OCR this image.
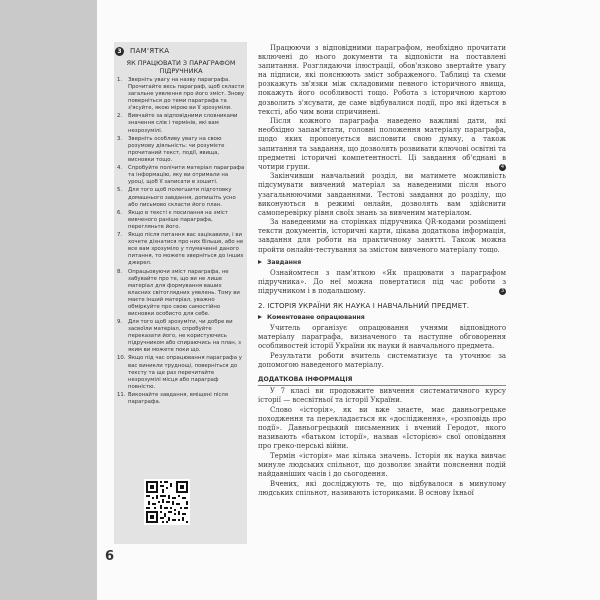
3	ПАМ'ЯТКА
ЯК ПРАЦЮВАТИ З ПАРАГРАФОМ ПІДРУЧНИКА
1.	Зверніть увагу на назву параграфа. Прочитайте весь параграф, щоб скласти загальне уявлення про його зміст. Знову поверніться до теми параграфа та з'ясуйте, якою мірою ви її зрозуміли.
2.	Вивчайте за відповідними словниками значення слів і термінів, які вам незрозумілі.
3.	Зверніть особливу увагу на свою розумову діяльність: чи розумієте прочитаний текст, події, явища, висновки тощо.
4.	Спробуйте полічити матеріал параграфа та інформацію, яку ви отримали на уроці, щоб її записати в зошиті.
5.	Для того щоб полегшити підготовку домашнього завдання, допишіть усно або письмово скласти його план.
6.	Якщо в тексті є посилання на зміст вивченого раніше параграфа, перегляньте його.
7.	Якщо після питання вас зацікавили, і ви хочете дізнатися про них більше, або не все вам зрозуміло у тлумаченні даного питання, то можете зверніться до інших джерел.
8.	Опрацьовуючи зміст параграфа, не забувайте про те, що ви не лише матеріал для формування ваших власних світоглядних уявлень. Тому ви маєте інший матеріал, уважно обміркуйте про свою самостійно висновки особисто для себе.
9.	Для того щоб зрозуміти, чи добре ви засвоїли матеріал, спробуйте переказати його, не користуючись підручником або спираючись на план, з яким ви можете поки що.
10. Якщо під час опрацювання параграфа у вас виникли труднощі, поверніться до тексту та ще раз перечитайте незрозумілі місця або параграф повністю.
11. Виконайте завдання, вміщені після параграфа.
6

Працюючи з відповідними параграфом, необхідно прочитати включені до нього документи та відповісти на поставлені запитання. Розглядаючи ілюстрації, обов'язково звертайте увагу на підписи, які пояснюють зміст зображеного. Таблиці та схеми розкажуть зв'язки між складовими певного історичного явища, покажуть його особливості тощо. Робота з історичною картою дозволить з'ясувати, де саме відбувалися події, про які йдеться в тексті, або чим вони спричинені.

Після кожного параграфа наведено важливі дати, які необхідно запам'ятати, головні положення матеріалу параграфа, щодо яких пропонується висловити свою думку, а також запитання та завдання, що дозволять розвивати ключові освітні та предметні історичні компетентності. Ці завдання об'єднані в чотири групи.	4

Закінчивши навчальний розділ, ви матимете можливість підсумувати вивчений матеріал за наведеними після нього узагальнюючими завданнями. Тестові завдання до розділу, що виконуються в режимі онлайн, дозволять вам здійснити самоперевірку рівня своїх знань за вивченим матеріалом.

За наведеними на сторінках підручника QR-кодами розміщені тексти документів, історичні карти, цікава додаткова інформація, завдання для роботи на практичному занятті. Також можна пройти онлайн-тестування за змістом вивченого матеріалу тощо.

Завдання

Ознайомтеся з пам'яткою «Як працювати з параграфом підручника». До неї можна повертатися під час роботи з підручником і в подальшому.	3

2. ІСТОРІЯ УКРАЇНИ ЯК НАУКА І НАВЧАЛЬНИЙ ПРЕДМЕТ.
Коментоване опрацювання

Учитель організує опрацювання учнями відповідного матеріалу параграфа, визначеного та наступне обговорення особливостей історії України як науки й навчального предмета.

Результати роботи вчитель систематизує та уточнює за допомогою наведеного матеріалу.

ДОДАТКОВА ІНФОРМАЦІЯ

У 7 класі ви продовжите вивчення систематичного курсу історії — всесвітньої та історії України.

Слово «історія», як ви вже знаєте, має давньогрецьке походження та перекладається як «дослідження», «розповідь про події». Давньогрецький письменник і вчений Геродот, якого називають «батьком історії», назвав «Історією» свої оповідання про греко-перські війни.

Термін «історія» має кілька значень. Історія як наука вивчає минуле людських спільнот, що дозволяє знайти пояснення подій найдавніших часів і до сьогодення.

Вчених, які досліджують те, що відбувалося в минулому людських спільнот, називають істориками. В основу їхньої
